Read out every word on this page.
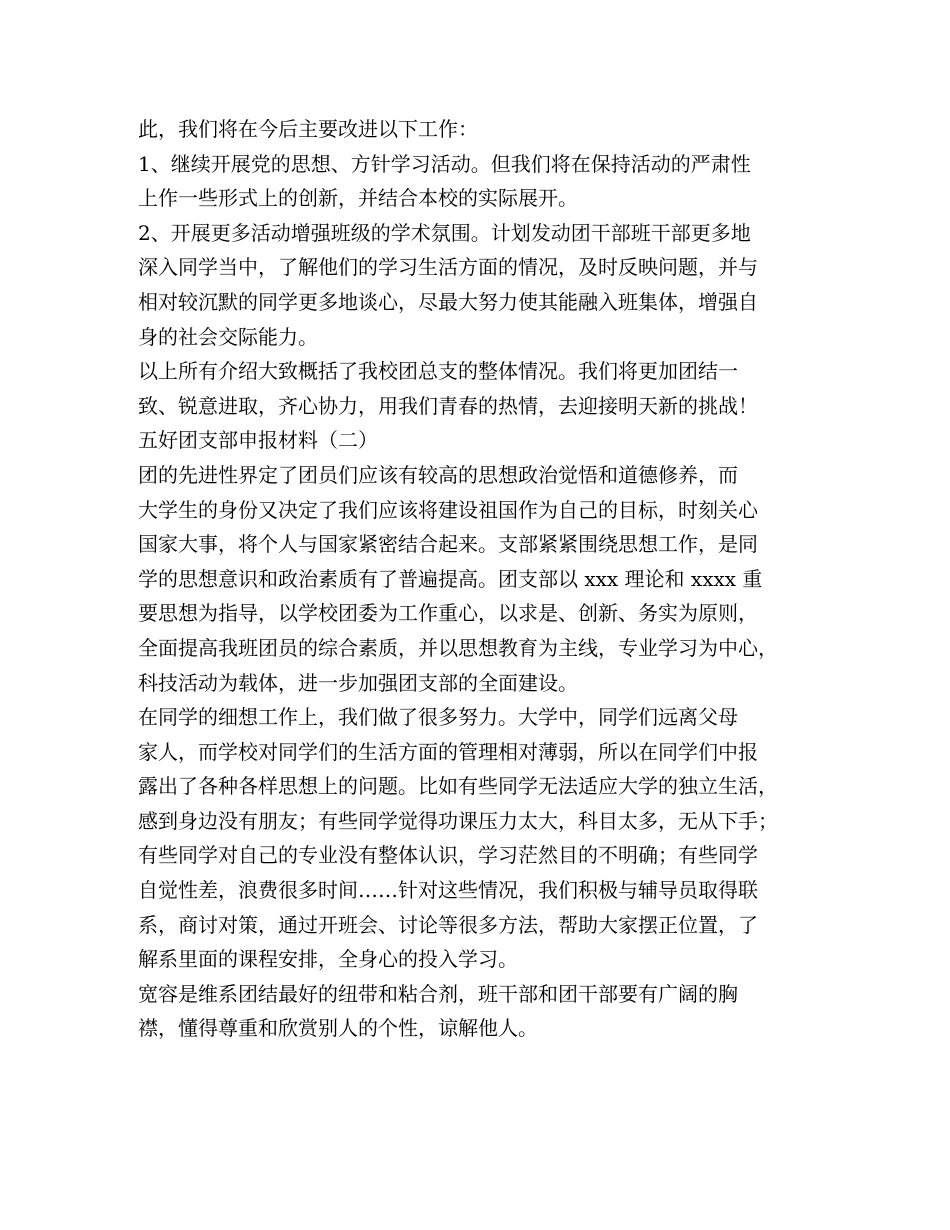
此，我们将在今后主要改进以下工作：
1、继续开展党的思想、方针学习活动。但我们将在保持活动的严肃性
上作一些形式上的创新，并结合本校的实际展开。
2、开展更多活动增强班级的学术氛围。计划发动团干部班干部更多地
深入同学当中，了解他们的学习生活方面的情况，及时反映问题，并与
相对较沉默的同学更多地谈心，尽最大努力使其能融入班集体，增强自
身的社会交际能力。
以上所有介绍大致概括了我校团总支的整体情况。我们将更加团结一
致、锐意进取，齐心协力，用我们青春的热情，去迎接明天新的挑战！
五好团支部申报材料（二）
团的先进性界定了团员们应该有较高的思想政治觉悟和道德修养，而
大学生的身份又决定了我们应该将建设祖国作为自己的目标，时刻关心
国家大事，将个人与国家紧密结合起来。支部紧紧围绕思想工作，是同
学的思想意识和政治素质有了普遍提高。团支部以 xxx 理论和 xxxx 重
要思想为指导，以学校团委为工作重心，以求是、创新、务实为原则，
全面提高我班团员的综合素质，并以思想教育为主线，专业学习为中心，
科技活动为载体，进一步加强团支部的全面建设。
在同学的细想工作上，我们做了很多努力。大学中，同学们远离父母
家人，而学校对同学们的生活方面的管理相对薄弱，所以在同学们中报
露出了各种各样思想上的问题。比如有些同学无法适应大学的独立生活，
感到身边没有朋友；有些同学觉得功课压力太大，科目太多，无从下手；
有些同学对自己的专业没有整体认识，学习茫然目的不明确；有些同学
自觉性差，浪费很多时间……针对这些情况，我们积极与辅导员取得联
系，商讨对策，通过开班会、讨论等很多方法，帮助大家摆正位置，了
解系里面的课程安排，全身心的投入学习。
宽容是维系团结最好的纽带和粘合剂，班干部和团干部要有广阔的胸
襟，懂得尊重和欣赏别人的个性，谅解他人。
